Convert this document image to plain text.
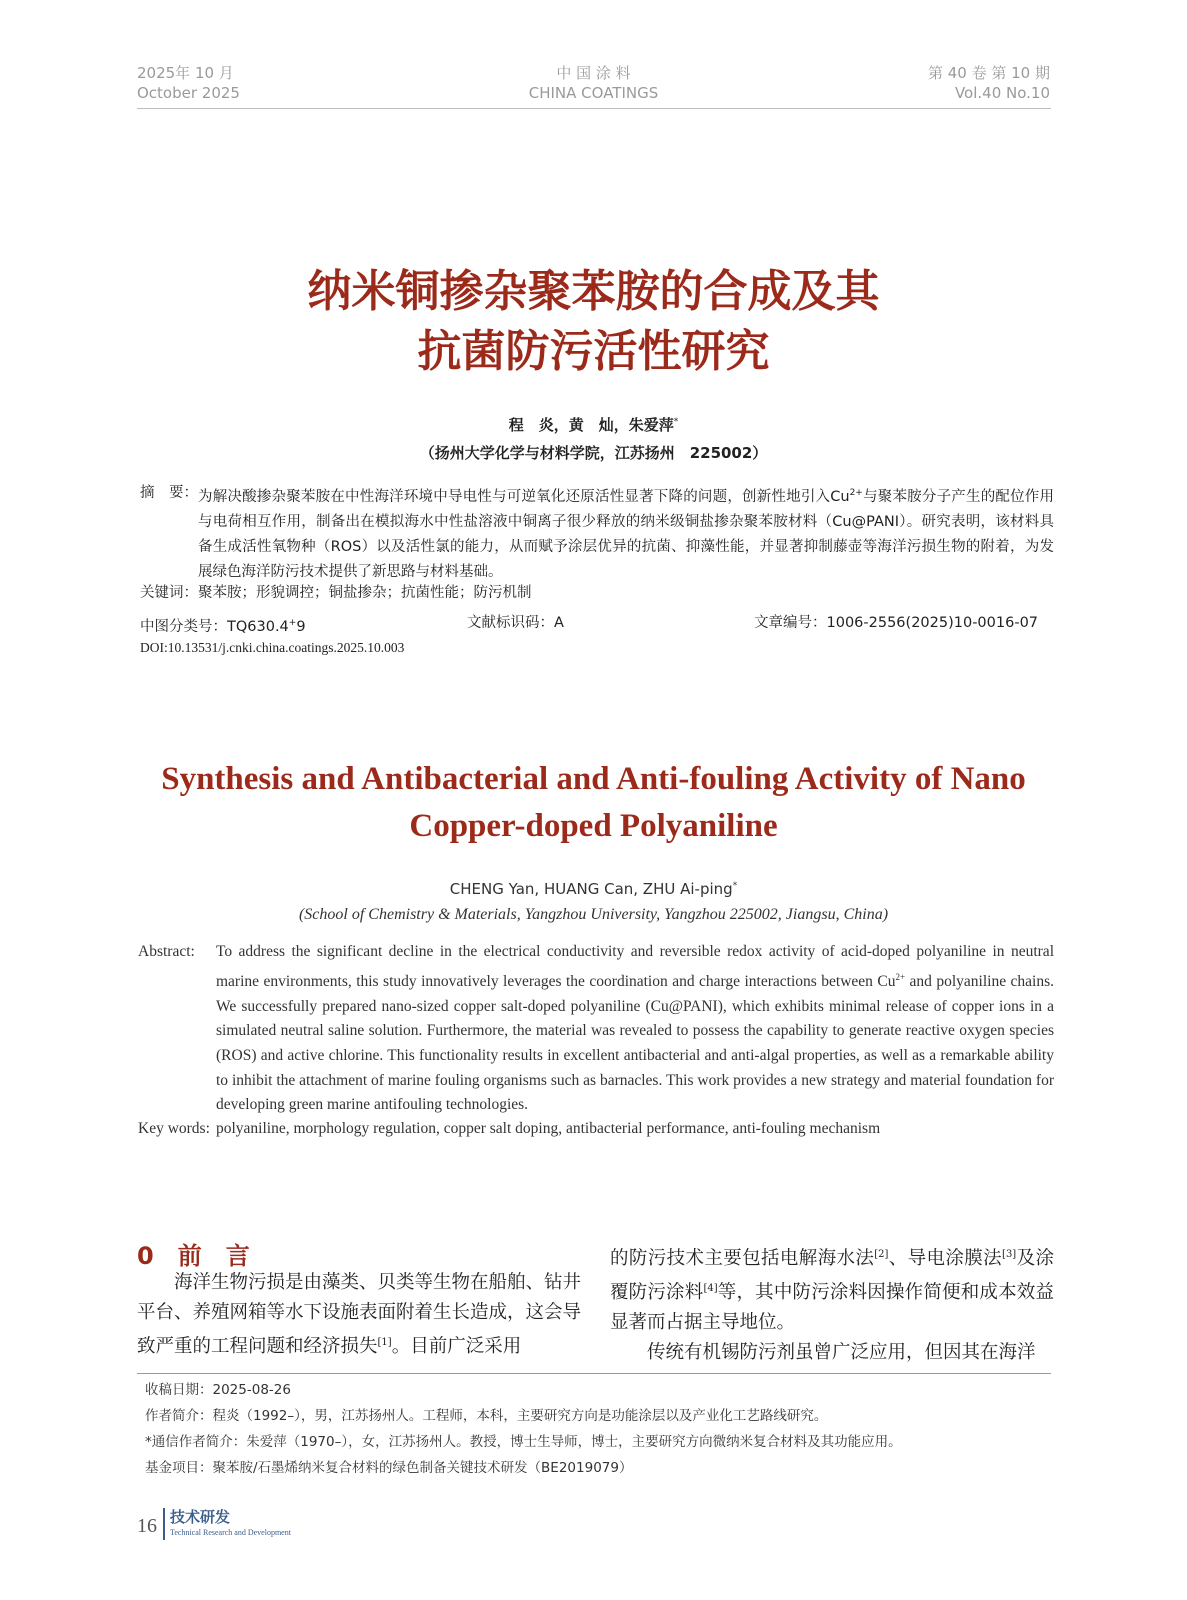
2025年 10 月
October 2025
中 国 涂 料
CHINA COATINGS
第 40 卷 第 10 期
Vol.40 No.10
纳米铜掺杂聚苯胺的合成及其
抗菌防污活性研究
程　炎，黄　灿，朱爱萍*
（扬州大学化学与材料学院，江苏扬州　225002）
摘　要： 为解决酸掺杂聚苯胺在中性海洋环境中导电性与可逆氧化还原活性显著下降的问题，创新性地引入$Cu^{2+}$与聚苯胺分子产生的配位作用与电荷相互作用，制备出在模拟海水中性盐溶液中铜离子很少释放的纳米级铜盐掺杂聚苯胺材料（Cu@PANI）。研究表明，该材料具备生成活性氧物种（ROS）以及活性氯的能力，从而赋予涂层优异的抗菌、抑藻性能，并显著抑制藤壶等海洋污损生物的附着，为发展绿色海洋防污技术提供了新思路与材料基础。
关键词：聚苯胺；形貌调控；铜盐掺杂；抗菌性能；防污机制
中图分类号：TQ630.4+9	文献标识码：A	文章编号：1006-2556(2025)10-0016-07
DOI:10.13531/j.cnki.china.coatings.2025.10.003
Synthesis and Antibacterial and Anti-fouling Activity of Nano
Copper-doped Polyaniline
CHENG Yan, HUANG Can, ZHU Ai-ping*
(School of Chemistry & Materials, Yangzhou University, Yangzhou 225002, Jiangsu, China)
Abstract: To address the significant decline in the electrical conductivity and reversible redox activity of acid-doped polyaniline in neutral marine environments, this study innovatively leverages the coordination and charge interactions between $Cu^{2+}$ and polyaniline chains. We successfully prepared nano-sized copper salt-doped polyaniline (Cu@PANI), which exhibits minimal release of copper ions in a simulated neutral saline solution. Furthermore, the material was revealed to possess the capability to generate reactive oxygen species (ROS) and active chlorine. This functionality results in excellent antibacterial and anti-algal properties, as well as a remarkable ability to inhibit the attachment of marine fouling organisms such as barnacles. This work provides a new strategy and material foundation for developing green marine antifouling technologies.
Key words: polyaniline, morphology regulation, copper salt doping, antibacterial performance, anti-fouling mechanism
0　前　言

海洋生物污损是由藻类、贝类等生物在船舶、钻井平台、养殖网箱等水下设施表面附着生长造成，这会导致严重的工程问题和经济损失[1]。目前广泛采用

的防污技术主要包括电解海水法[2]、导电涂膜法[3]及涂覆防污涂料[4]等，其中防污涂料因操作简便和成本效益显著而占据主导地位。

传统有机锡防污剂虽曾广泛应用，但因其在海洋

收稿日期：2025-08-26
作者简介：程炎（1992–），男，江苏扬州人。工程师，本科，主要研究方向是功能涂层以及产业化工艺路线研究。
*通信作者简介：朱爱萍（1970–），女，江苏扬州人。教授，博士生导师，博士，主要研究方向微纳米复合材料及其功能应用。
基金项目：聚苯胺/石墨烯纳米复合材料的绿色制备关键技术研发（BE2019079）
16 技术研发
Technical Research and Development
